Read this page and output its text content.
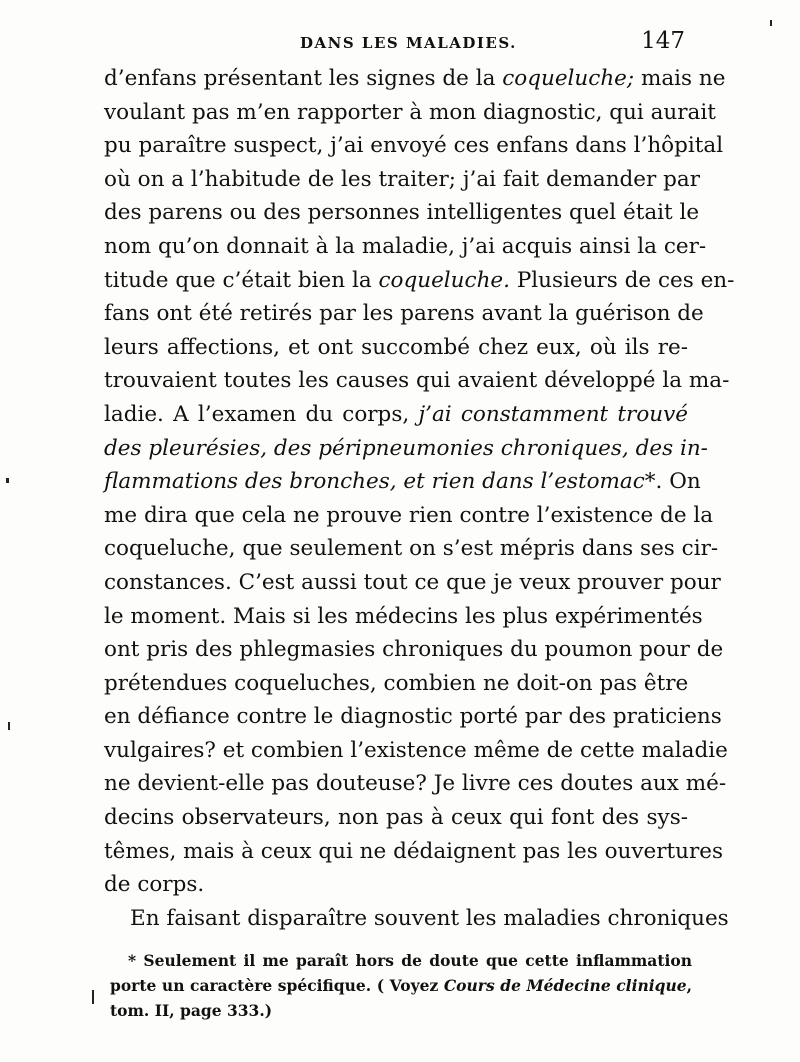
DANS LES MALADIES.	147
d’enfans présentant les signes de la coqueluche; mais ne
voulant pas m’en rapporter à mon diagnostic, qui aurait
pu paraître suspect, j’ai envoyé ces enfans dans l’hôpital
où on a l’habitude de les traiter; j’ai fait demander par
des parens ou des personnes intelligentes quel était le
nom qu’on donnait à la maladie, j’ai acquis ainsi la cer-
titude que c’était bien la coqueluche. Plusieurs de ces en-
fans ont été retirés par les parens avant la guérison de
leurs affections, et ont succombé chez eux, où ils re-
trouvaient toutes les causes qui avaient développé la ma-
ladie. A l’examen du corps, j’ai constamment trouvé
des pleurésies, des péripneumonies chroniques, des in-
flammations des bronches, et rien dans l’estomac*. On
me dira que cela ne prouve rien contre l’existence de la
coqueluche, que seulement on s’est mépris dans ses cir-
constances. C’est aussi tout ce que je veux prouver pour
le moment. Mais si les médecins les plus expérimentés
ont pris des phlegmasies chroniques du poumon pour de
prétendues coqueluches, combien ne doit-on pas être
en défiance contre le diagnostic porté par des praticiens
vulgaires? et combien l’existence même de cette maladie
ne devient-elle pas douteuse? Je livre ces doutes aux mé-
decins observateurs, non pas à ceux qui font des sys-
têmes, mais à ceux qui ne dédaignent pas les ouvertures
de corps.
En faisant disparaître souvent les maladies chroniques
* Seulement il me paraît hors de doute que cette inflammation
porte un caractère spécifique. ( Voyez Cours de Médecine clinique,
tom. II, page 333.)
